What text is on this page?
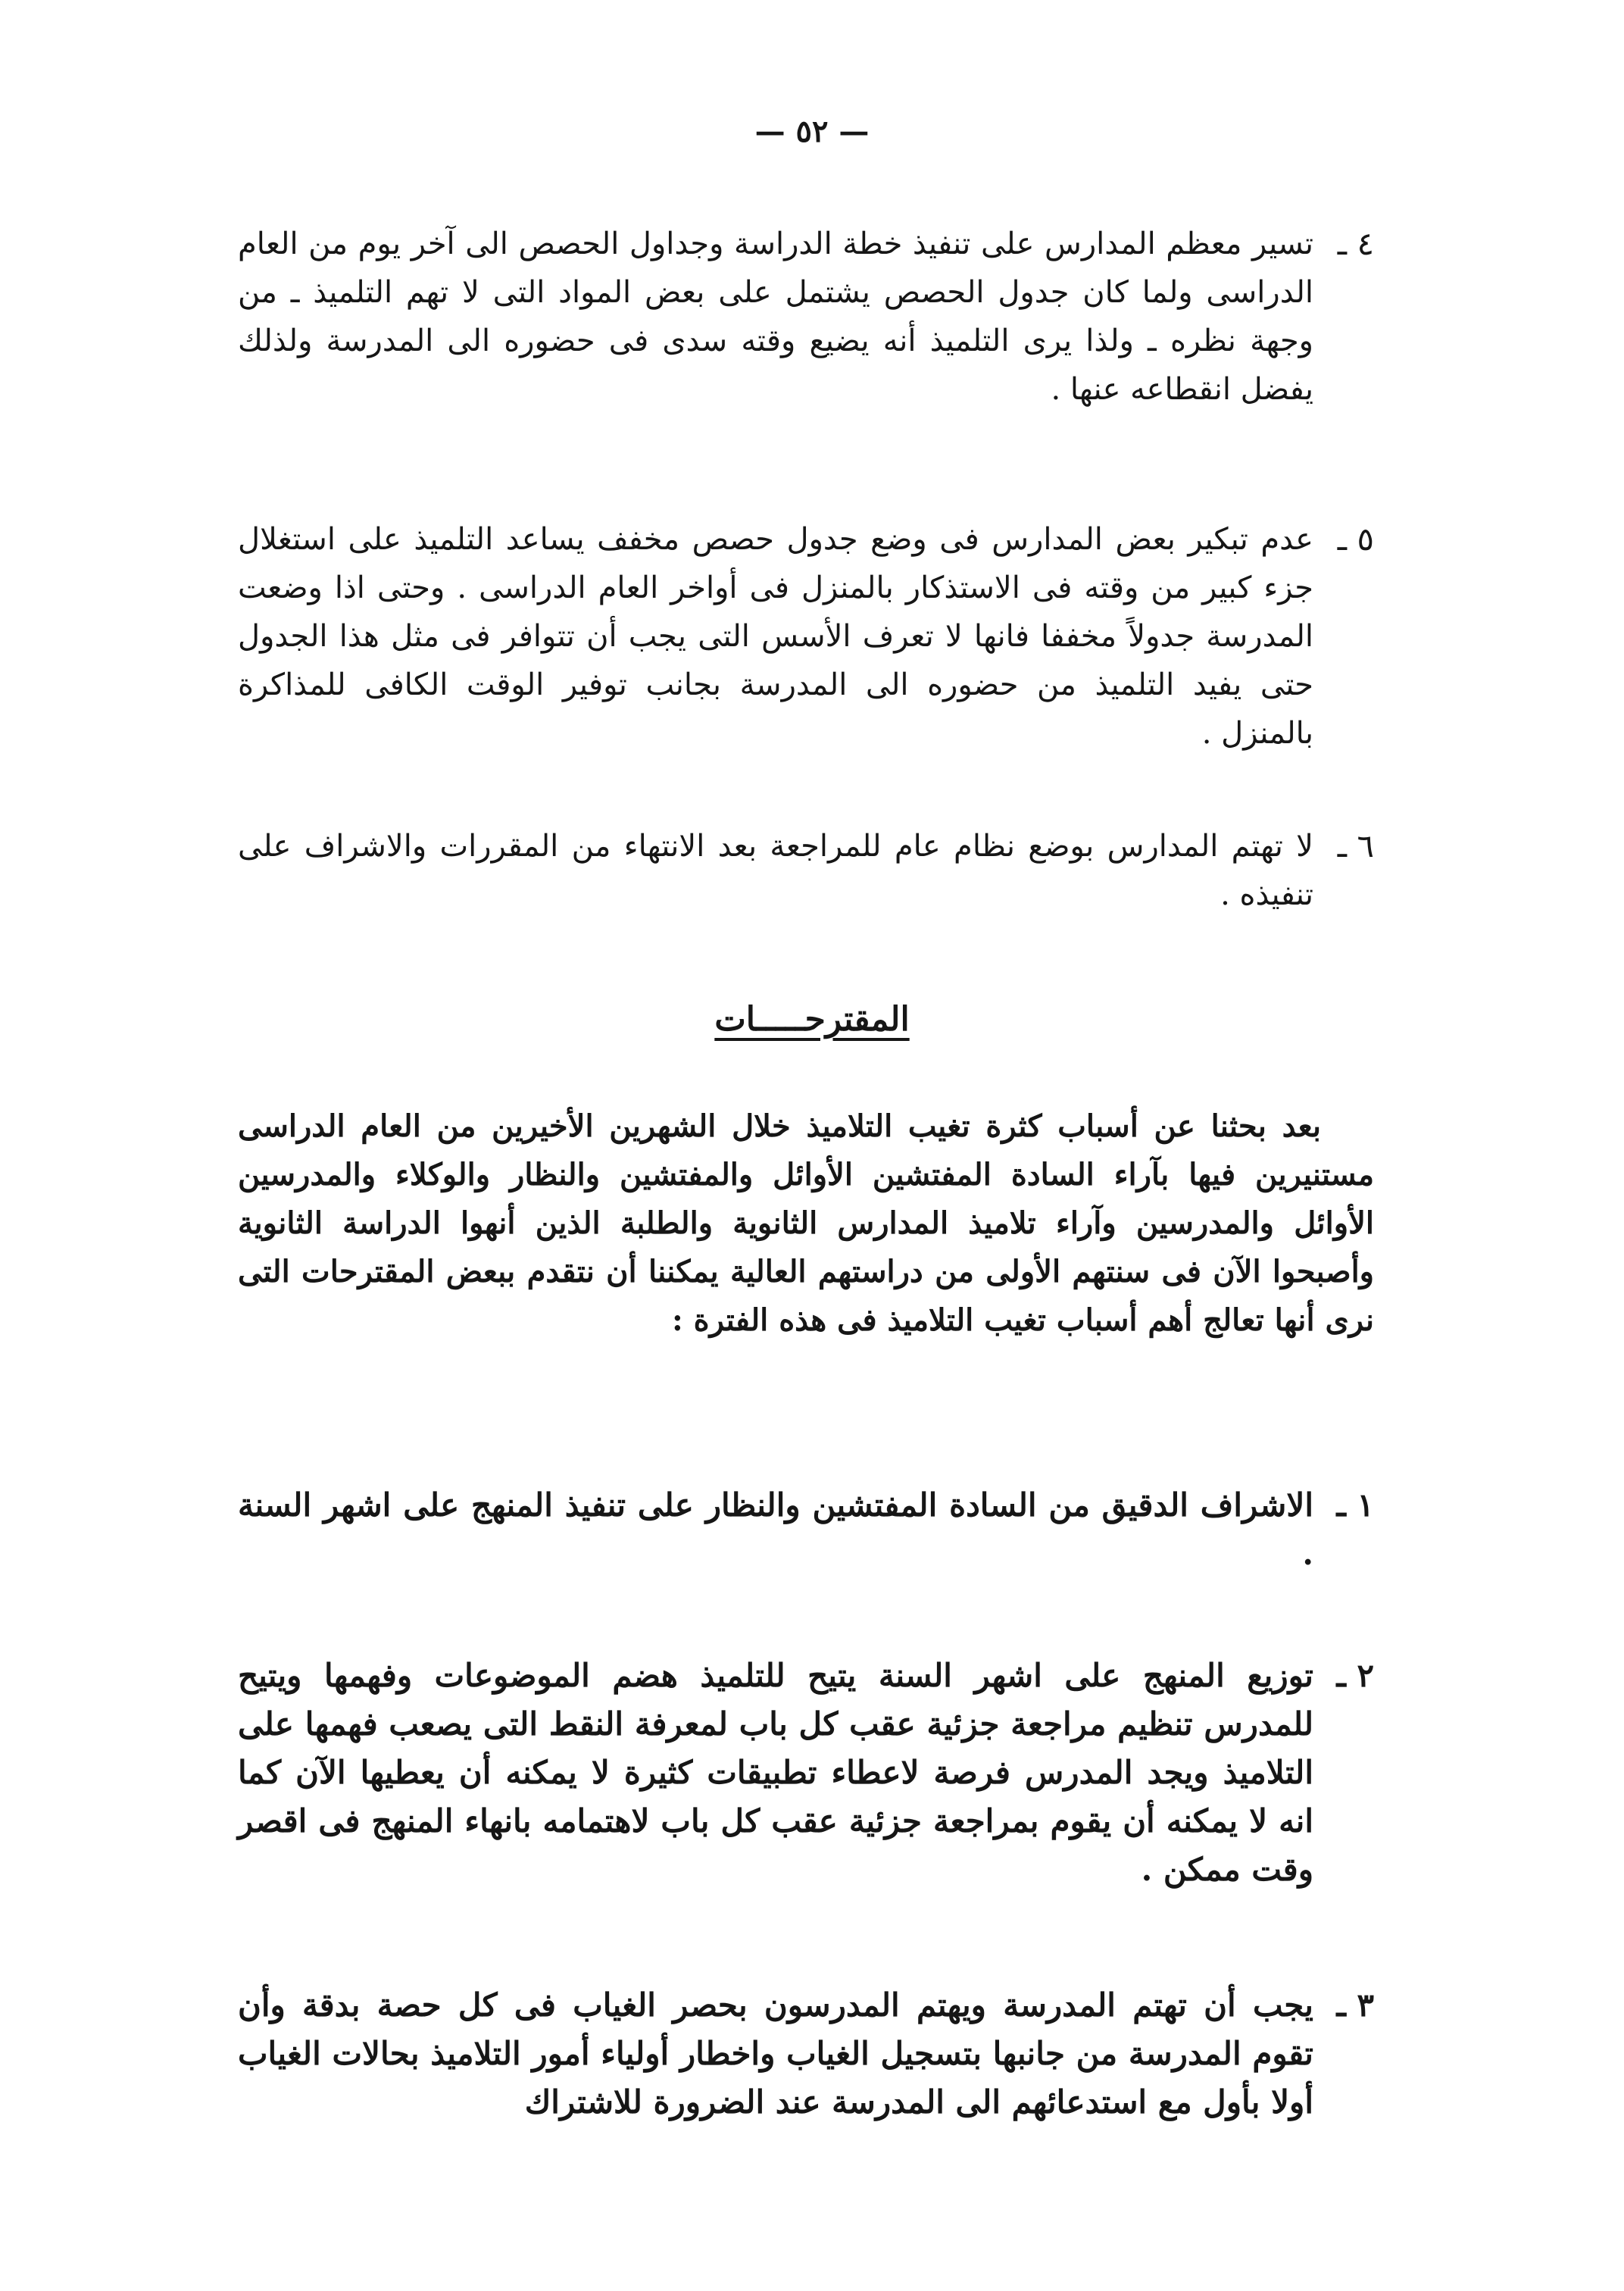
— ٥٢ —
٤ ـ
تسير معظم المدارس على تنفيذ خطة الدراسة وجداول الحصص الى آخر يوم من العام الدراسى ولما كان جدول الحصص يشتمل على بعض المواد التى لا تهم التلميذ ـ من وجهة نظره ـ ولذا يرى التلميذ أنه يضيع وقته سدى فى حضوره الى المدرسة ولذلك يفضل انقطاعه عنها .
٥ ـ
عدم تبكير بعض المدارس فى وضع جدول حصص مخفف يساعد التلميذ على استغلال جزء كبير من وقته فى الاستذكار بالمنزل فى أواخر العام الدراسى . وحتى اذا وضعت المدرسة جدولاً مخففا فانها لا تعرف الأسس التى يجب أن تتوافر فى مثل هذا الجدول حتى يفيد التلميذ من حضوره الى المدرسة بجانب توفير الوقت الكافى للمذاكرة بالمنزل .
٦ ـ
لا تهتم المدارس بوضع نظام عام للمراجعة بعد الانتهاء من المقررات والاشراف على تنفيذه .
المقترحـــــات
بعد بحثنا عن أسباب كثرة تغيب التلاميذ خلال الشهرين الأخيرين من العام الدراسى مستنيرين فيها بآراء السادة المفتشين الأوائل والمفتشين والنظار والوكلاء والمدرسين الأوائل والمدرسين وآراء تلاميذ المدارس الثانوية والطلبة الذين أنهوا الدراسة الثانوية وأصبحوا الآن فى سنتهم الأولى من دراستهم العالية يمكننا أن نتقدم ببعض المقترحات التى نرى أنها تعالج أهم أسباب تغيب التلاميذ فى هذه الفترة :
١ ـ
الاشراف الدقيق من السادة المفتشين والنظار على تنفيذ المنهج على اشهر السنة .
٢ ـ
توزيع المنهج على اشهر السنة يتيح للتلميذ هضم الموضوعات وفهمها ويتيح للمدرس تنظيم مراجعة جزئية عقب كل باب لمعرفة النقط التى يصعب فهمها على التلاميذ ويجد المدرس فرصة لاعطاء تطبيقات كثيرة لا يمكنه أن يعطيها الآن كما انه لا يمكنه أن يقوم بمراجعة جزئية عقب كل باب لاهتمامه بانهاء المنهج فى اقصر وقت ممكن .
٣ ـ
يجب أن تهتم المدرسة ويهتم المدرسون بحصر الغياب فى كل حصة بدقة وأن تقوم المدرسة من جانبها بتسجيل الغياب واخطار أولياء أمور التلاميذ بحالات الغياب أولا بأول مع استدعائهم الى المدرسة عند الضرورة للاشتراك
